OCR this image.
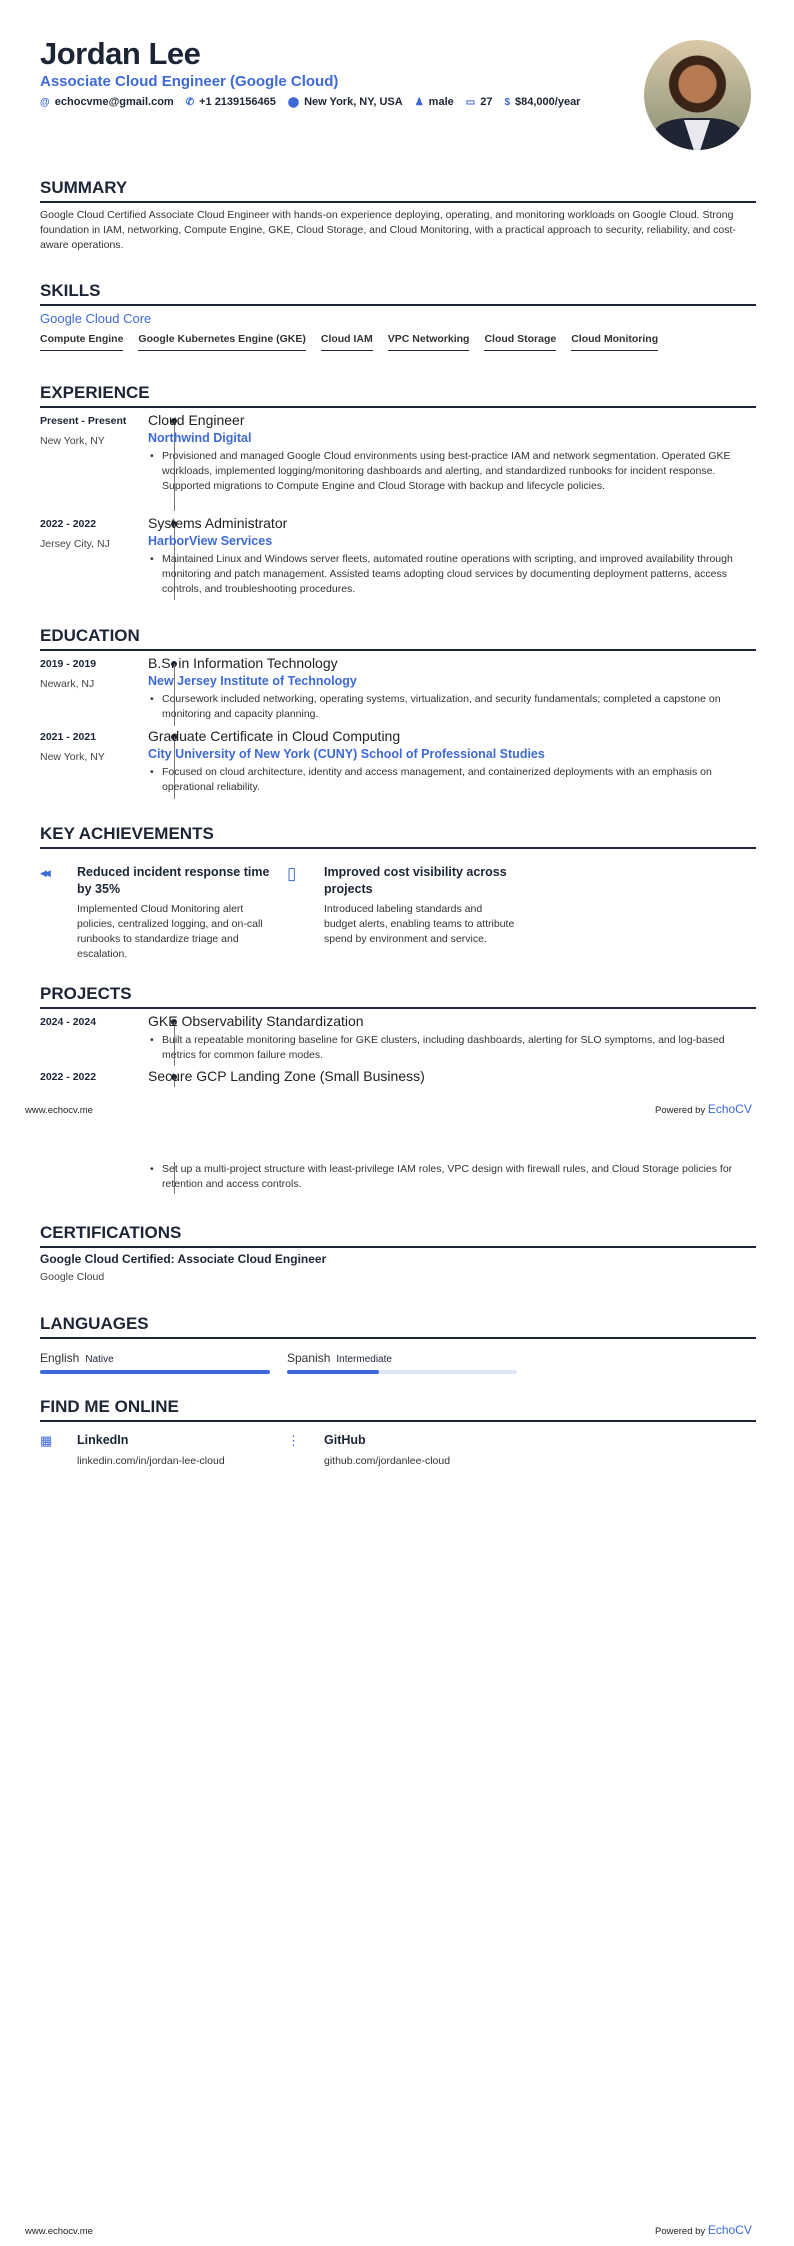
Jordan Lee
Associate Cloud Engineer (Google Cloud)
@ echocvme@gmail.com ✆ +1 2139156465 ⬤ New York, NY, USA ♟ male ▭ 27 $ $84,000/year
SUMMARY
Google Cloud Certified Associate Cloud Engineer with hands-on experience deploying, operating, and monitoring workloads on Google Cloud. Strong foundation in IAM, networking, Compute Engine, GKE, Cloud Storage, and Cloud Monitoring, with a practical approach to security, reliability, and cost-aware operations.
SKILLS
Google Cloud Core
Compute Engine Google Kubernetes Engine (GKE) Cloud IAM VPC Networking Cloud Storage Cloud Monitoring
EXPERIENCE
Present - Present
New York, NY
Cloud Engineer
Northwind Digital
• Provisioned and managed Google Cloud environments using best-practice IAM and network segmentation. Operated GKE workloads, implemented logging/monitoring dashboards and alerting, and standardized runbooks for incident response. Supported migrations to Compute Engine and Cloud Storage with backup and lifecycle policies.
2022 - 2022
Jersey City, NJ
Systems Administrator
HarborView Services
• Maintained Linux and Windows server fleets, automated routine operations with scripting, and improved availability through monitoring and patch management. Assisted teams adopting cloud services by documenting deployment patterns, access controls, and troubleshooting procedures.
EDUCATION
2019 - 2019
Newark, NJ
B.S. in Information Technology
New Jersey Institute of Technology
• Coursework included networking, operating systems, virtualization, and security fundamentals; completed a capstone on monitoring and capacity planning.
2021 - 2021
New York, NY
Graduate Certificate in Cloud Computing
City University of New York (CUNY) School of Professional Studies
• Focused on cloud architecture, identity and access management, and containerized deployments with an emphasis on operational reliability.
KEY ACHIEVEMENTS
◀◀ Reduced incident response time by 35%
Implemented Cloud Monitoring alert policies, centralized logging, and on-call runbooks to standardize triage and escalation.
▯ Improved cost visibility across projects
Introduced labeling standards and budget alerts, enabling teams to attribute spend by environment and service.
PROJECTS
2024 - 2024	GKE Observability Standardization
• Built a repeatable monitoring baseline for GKE clusters, including dashboards, alerting for SLO symptoms, and log-based metrics for common failure modes.
2022 - 2022	Secure GCP Landing Zone (Small Business)
www.echocv.me	Powered by EchoCV
• Set up a multi-project structure with least-privilege IAM roles, VPC design with firewall rules, and Cloud Storage policies for retention and access controls.
CERTIFICATIONS
Google Cloud Certified: Associate Cloud Engineer
Google Cloud
LANGUAGES
English Native	Spanish Intermediate
FIND ME ONLINE
▦ LinkedIn
linkedin.com/in/jordan-lee-cloud
⋮ GitHub
github.com/jordanlee-cloud
www.echocv.me	Powered by EchoCV
